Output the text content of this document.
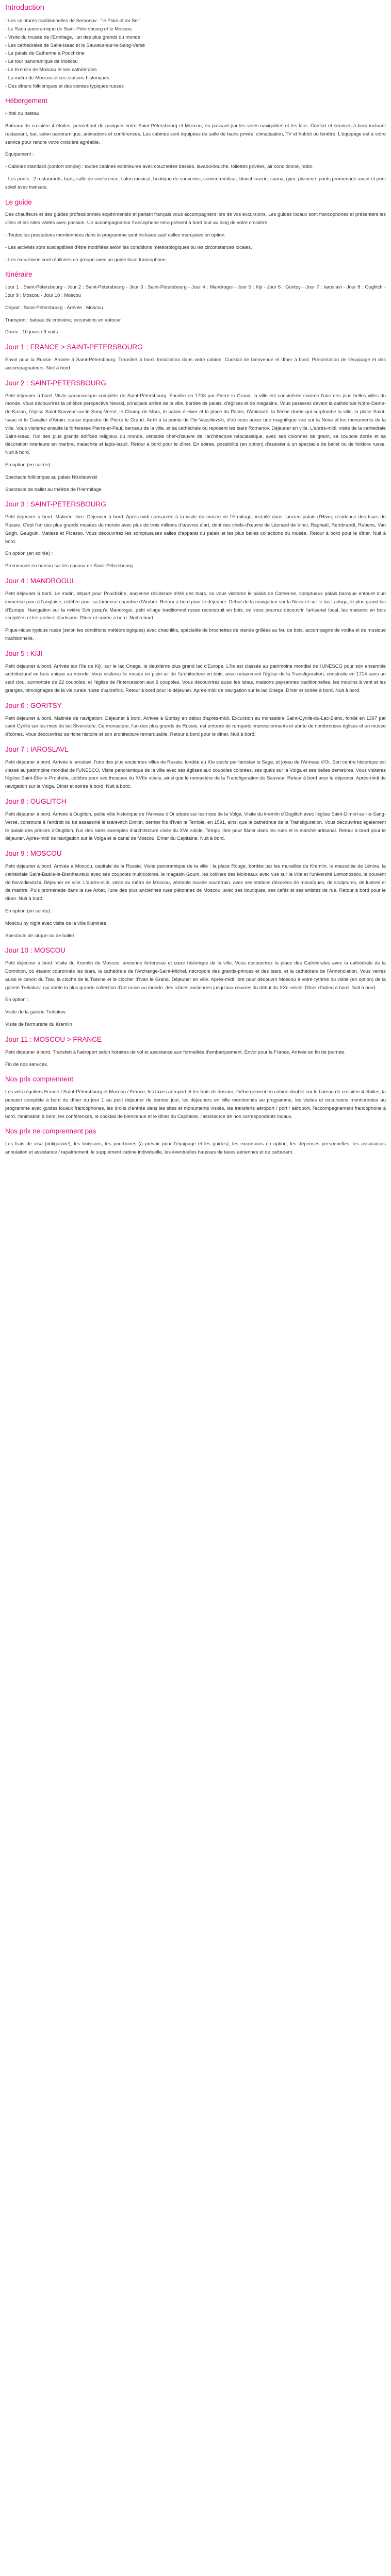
Introduction
- Les ceintures traditionnelles de Semonov : "le Plain of du Sel"
- Le Sarja panoramique de Saint-Pétersbourg et le Moscou
- Visite du musée de l'Ermitage, l'un des plus grands du monde
- Les cathédrales de Saint-Isaac et le Sauveur-sur-le-Sang-Versé
- Le palais de Catherine à Pouchkine
- Le tour panoramique de Moscou
- Le Kremlin de Moscou et ses cathédrales
- La métro de Moscou et ses stations historiques
- Des dîners folkloriques et des soirées typiques russes
Hébergement
Hôtel ou bateau

Bateaux de croisière 4 étoiles, permettant de naviguer entre Saint-Pétersbourg et Moscou, en passant par les voies navigables et les lacs. Confort et services à bord incluant restaurant, bar, salon panoramique, animations et conférences. Les cabines sont équipées de salle de bains privée, climatisation, TV et hublot ou fenêtre. L'équipage est à votre service pour rendre votre croisière agréable.

Équipement :

- Cabines standard (confort simple) : toutes cabines extérieures avec couchettes basses, lavabo/douche, toilettes privées, air conditionné, radio.

- Les ponts : 2 restaurants, bars, salle de conférence, salon musical, boutique de souvenirs, service médical, blanchisserie, sauna, gym, plusieurs ponts promenade avant et pont soleil avec transats.

Le guide

Des chauffeurs et des guides professionnels expérimentés et parlant français vous accompagnent lors de vos excursions. Les guides locaux sont francophones et présentent les villes et les sites visités avec passion. Un accompagnateur francophone sera présent à bord tout au long de votre croisière.

- Toutes les prestations mentionnées dans le programme sont incluses sauf celles marquées en option.

- Les activités sont susceptibles d'être modifiées selon les conditions météorologiques ou les circonstances locales.

- Les excursions sont réalisées en groupe avec un guide local francophone.

Itinéraire

Jour 1 : Saint-Pétersbourg - Jour 2 : Saint-Pétersbourg - Jour 3 : Saint-Pétersbourg - Jour 4 : Mandrogui - Jour 5 : Kiji - Jour 6 : Goritsy - Jour 7 : Iaroslavl - Jour 8 : Ouglitch - Jour 9 : Moscou - Jour 10 : Moscou

Départ : Saint-Pétersbourg - Arrivée : Moscou

Transport : bateau de croisière, excursions en autocar

Durée : 10 jours / 9 nuits

Jour 1 : FRANCE > SAINT-PETERSBOURG

Envol pour la Russie. Arrivée à Saint-Pétersbourg. Transfert à bord. Installation dans votre cabine. Cocktail de bienvenue et dîner à bord. Présentation de l'équipage et des accompagnateurs. Nuit à bord.

Jour 2 : SAINT-PETERSBOURG

Petit déjeuner à bord. Visite panoramique complète de Saint-Pétersbourg. Fondée en 1703 par Pierre le Grand, la ville est considérée comme l'une des plus belles villes du monde. Vous découvrirez la célèbre perspective Nevski, principale artère de la ville, bordée de palais, d'églises et de magasins. Vous passerez devant la cathédrale Notre-Dame-de-Kazan, l'église Saint-Sauveur-sur-le-Sang-Versé, le Champ de Mars, le palais d'Hiver et la place du Palais, l'Amirauté, la flèche dorée qui surplombe la ville, la place Saint-Isaac et le Cavalier d'Airain, statue équestre de Pierre le Grand. Arrêt à la pointe de l'île Vassilievski, d'où vous aurez une magnifique vue sur la Neva et les monuments de la ville. Vous visiterez ensuite la forteresse Pierre-et-Paul, berceau de la ville, et sa cathédrale où reposent les tsars Romanov. Déjeuner en ville. L'après-midi, visite de la cathédrale Saint-Isaac, l'un des plus grands édifices religieux du monde, véritable chef-d'œuvre de l'architecture néoclassique, avec ses colonnes de granit, sa coupole dorée et sa décoration intérieure en marbre, malachite et lapis-lazuli. Retour à bord pour le dîner. En soirée, possibilité (en option) d'assister à un spectacle de ballet ou de folklore russe. Nuit à bord.

En option (en soirée) :

Spectacle folklorique au palais Nikolaievski

Spectacle de ballet au théâtre de l'Hermitage

Jour 3 : SAINT-PETERSBOURG

Petit déjeuner à bord. Matinée libre. Déjeuner à bord. Après-midi consacrée à la visite du musée de l'Ermitage, installé dans l'ancien palais d'Hiver, résidence des tsars de Russie. C'est l'un des plus grands musées du monde avec plus de trois millions d'œuvres d'art, dont des chefs-d'œuvre de Léonard de Vinci, Raphaël, Rembrandt, Rubens, Van Gogh, Gauguin, Matisse et Picasso. Vous découvrirez les somptueuses salles d'apparat du palais et les plus belles collections du musée. Retour à bord pour le dîner. Nuit à bord.

En option (en soirée) :

Promenade en bateau sur les canaux de Saint-Pétersbourg

Jour 4 : MANDROGUI

Petit déjeuner à bord. Le matin, départ pour Pouchkine, ancienne résidence d'été des tsars, où vous visiterez le palais de Catherine, somptueux palais baroque entouré d'un immense parc à l'anglaise, célèbre pour sa fameuse chambre d'Ambre. Retour à bord pour le déjeuner. Début de la navigation sur la Neva et sur le lac Ladoga, le plus grand lac d'Europe. Navigation sur la rivière Svir jusqu'à Mandrogui, petit village traditionnel russe reconstruit en bois, où vous pourrez découvrir l'artisanat local, les maisons en bois sculptées et les ateliers d'artisans. Dîner et soirée à bord. Nuit à bord.

Pique-nique typique russe (selon les conditions météorologiques) avec chachliks, spécialité de brochettes de viande grillées au feu de bois, accompagné de vodka et de musique traditionnelle.

Jour 5 : KIJI

Petit déjeuner à bord. Arrivée sur l'île de Kiji, sur le lac Onega, le deuxième plus grand lac d'Europe. L'île est classée au patrimoine mondial de l'UNESCO pour son ensemble architectural en bois unique au monde. Vous visiterez le musée en plein air de l'architecture en bois, avec notamment l'église de la Transfiguration, construite en 1714 sans un seul clou, surmontée de 22 coupoles, et l'église de l'Intercession aux 9 coupoles. Vous découvrirez aussi les isbas, maisons paysannes traditionnelles, les moulins à vent et les granges, témoignages de la vie rurale russe d'autrefois. Retour à bord pour le déjeuner. Après-midi de navigation sur le lac Onega. Dîner et soirée à bord. Nuit à bord.

Jour 6 : GORITSY

Petit déjeuner à bord. Matinée de navigation. Déjeuner à bord. Arrivée à Goritsy en début d'après-midi. Excursion au monastère Saint-Cyrille-du-Lac-Blanc, fondé en 1397 par saint Cyrille sur les rives du lac Siverskoïe. Ce monastère, l'un des plus grands de Russie, est entouré de remparts impressionnants et abrite de nombreuses églises et un musée d'icônes. Vous découvrirez sa riche histoire et son architecture remarquable. Retour à bord pour le dîner. Nuit à bord.

Jour 7 : IAROSLAVL

Petit déjeuner à bord. Arrivée à Iaroslavl, l'une des plus anciennes villes de Russie, fondée au XIe siècle par Iaroslav le Sage, et joyau de l'Anneau d'Or. Son centre historique est classé au patrimoine mondial de l'UNESCO. Visite panoramique de la ville avec ses églises aux coupoles colorées, ses quais sur la Volga et ses belles demeures. Vous visiterez l'église Saint-Élie-le-Prophète, célèbre pour ses fresques du XVIIe siècle, ainsi que le monastère de la Transfiguration du Sauveur. Retour à bord pour le déjeuner. Après-midi de navigation sur la Volga. Dîner et soirée à bord. Nuit à bord.

Jour 8 : OUGLITCH

Petit déjeuner à bord. Arrivée à Ouglitch, petite ville historique de l'Anneau d'Or située sur les rives de la Volga. Visite du kremlin d'Ouglitch avec l'église Saint-Dimitri-sur-le-Sang-Versé, construite à l'endroit où fut assassiné le tsarévitch Dimitri, dernier fils d'Ivan le Terrible, en 1591, ainsi que la cathédrale de la Transfiguration. Vous découvrirez également le palais des princes d'Ouglitch, l'un des rares exemples d'architecture civile du XVe siècle. Temps libre pour flâner dans les rues et le marché artisanal. Retour à bord pour le déjeuner. Après-midi de navigation sur la Volga et le canal de Moscou. Dîner du Capitaine. Nuit à bord.

Jour 9 : MOSCOU

Petit déjeuner à bord. Arrivée à Moscou, capitale de la Russie. Visite panoramique de la ville : la place Rouge, bordée par les murailles du Kremlin, le mausolée de Lénine, la cathédrale Saint-Basile-le-Bienheureux avec ses coupoles multicolores, le magasin Goum, les collines des Moineaux avec vue sur la ville et l'université Lomonossov, le couvent de Novodievitchi. Déjeuner en ville. L'après-midi, visite du métro de Moscou, véritable musée souterrain, avec ses stations décorées de mosaïques, de sculptures, de lustres et de marbre. Puis promenade dans la rue Arbat, l'une des plus anciennes rues piétonnes de Moscou, avec ses boutiques, ses cafés et ses artistes de rue. Retour à bord pour le dîner. Nuit à bord.

En option (en soirée) :

Moscou by night avec visite de la ville illuminée

Spectacle de cirque ou de ballet

Jour 10 : MOSCOU

Petit déjeuner à bord. Visite du Kremlin de Moscou, ancienne forteresse et cœur historique de la ville. Vous découvrirez la place des Cathédrales avec la cathédrale de la Dormition, où étaient couronnés les tsars, la cathédrale de l'Archange-Saint-Michel, nécropole des grands-princes et des tsars, et la cathédrale de l'Annonciation. Vous verrez aussi le canon du Tsar, la cloche de la Tsarine et le clocher d'Ivan le Grand. Déjeuner en ville. Après-midi libre pour découvrir Moscou à votre rythme ou visite (en option) de la galerie Tretiakov, qui abrite la plus grande collection d'art russe au monde, des icônes anciennes jusqu'aux œuvres du début du XXe siècle. Dîner d'adieu à bord. Nuit à bord.

En option :

Visite de la galerie Tretiakov

Visite de l'armurerie du Kremlin

Jour 11 : MOSCOU > FRANCE

Petit déjeuner à bord. Transfert à l'aéroport selon horaires de vol et assistance aux formalités d'embarquement. Envol pour la France. Arrivée en fin de journée.

Fin de nos services.

Nos prix comprennent

Les vols réguliers France / Saint-Pétersbourg et Moscou / France, les taxes aéroport et les frais de dossier, l'hébergement en cabine double sur le bateau de croisière 4 étoiles, la pension complète à bord du dîner du jour 1 au petit déjeuner du dernier jour, les déjeuners en ville mentionnés au programme, les visites et excursions mentionnées au programme avec guides locaux francophones, les droits d'entrée dans les sites et monuments visités, les transferts aéroport / port / aéroport, l'accompagnement francophone à bord, l'animation à bord, les conférences, le cocktail de bienvenue et le dîner du Capitaine, l'assistance de nos correspondants locaux.

Nos prix ne comprennent pas

Les frais de visa (obligatoire), les boissons, les pourboires (à prévoir pour l'équipage et les guides), les excursions en option, les dépenses personnelles, les assurances annulation et assistance / rapatriement, le supplément cabine individuelle, les éventuelles hausses de taxes aériennes et de carburant.
